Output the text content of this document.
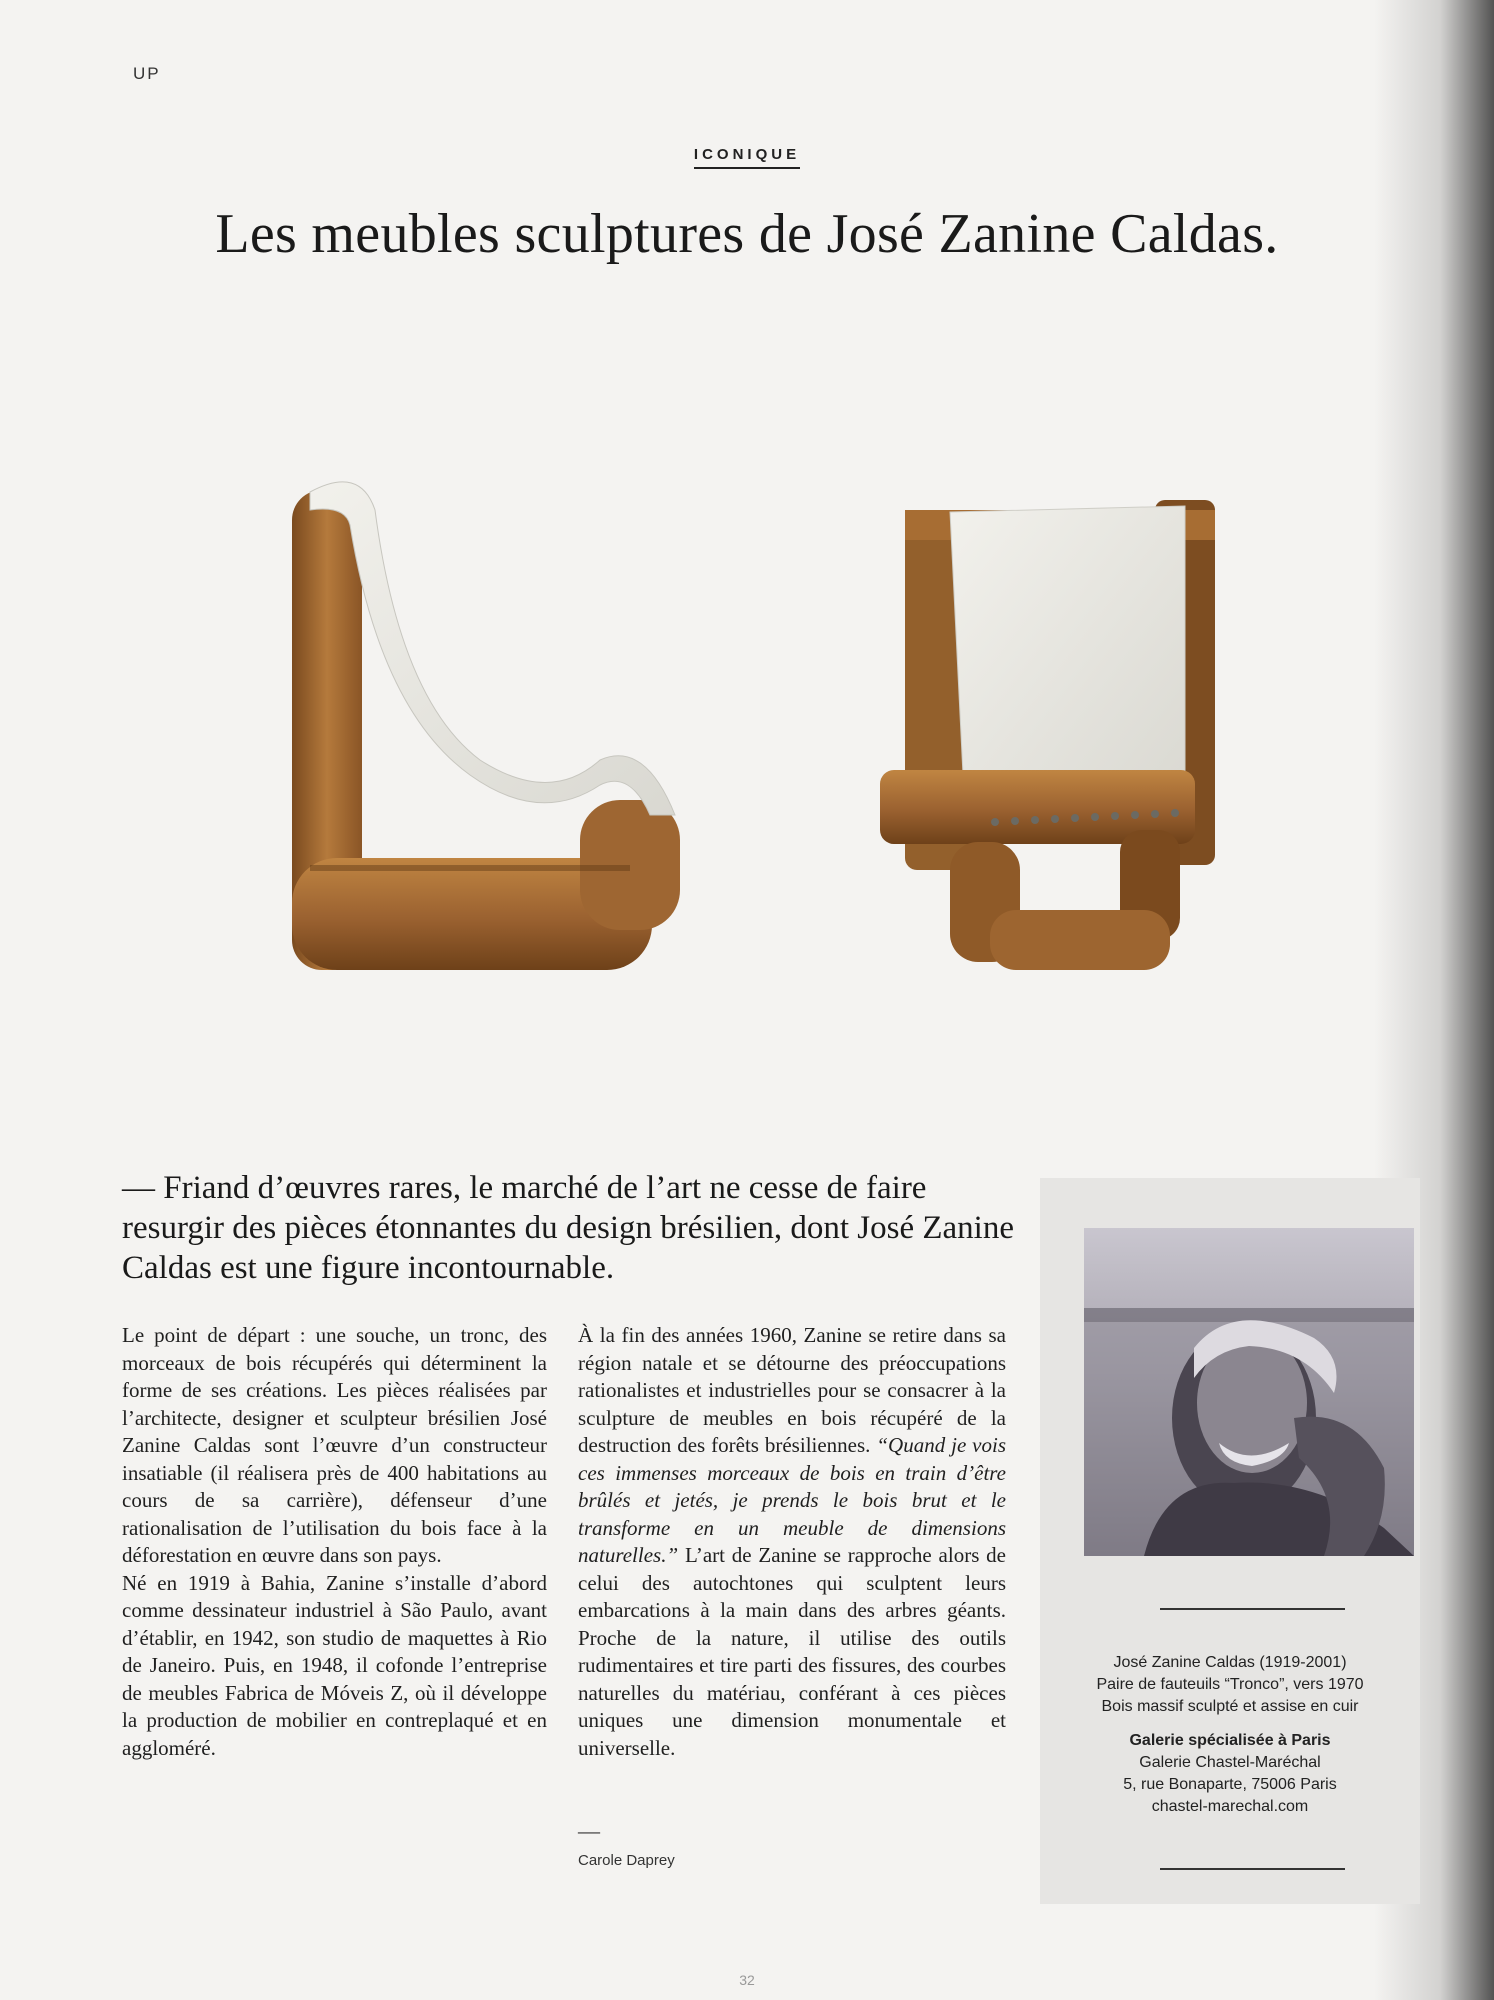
UP
ICONIQUE
Les meubles sculptures de José Zanine Caldas.
— Friand d’œuvres rares, le marché de l’art ne cesse de faire resurgir des pièces étonnantes du design brésilien, dont José Zanine Caldas est une figure incontournable.

Le point de départ : une souche, un tronc, des morceaux de bois récupérés qui déterminent la forme de ses créations. Les pièces réalisées par l’architecte, designer et sculpteur brésilien José Zanine Caldas sont l’œuvre d’un constructeur insatiable (il réalisera près de 400 habitations au cours de sa carrière), défenseur d’une rationalisation de l’utilisation du bois face à la déforestation en œuvre dans son pays.

Né en 1919 à Bahia, Zanine s’installe d’abord comme dessinateur industriel à São Paulo, avant d’établir, en 1942, son studio de maquettes à Rio de Janeiro. Puis, en 1948, il cofonde l’entreprise de meubles Fabrica de Móveis Z, où il développe la production de mobilier en contreplaqué et en aggloméré.

À la fin des années 1960, Zanine se retire dans sa région natale et se détourne des préoccupations rationalistes et industrielles pour se consacrer à la sculpture de meubles en bois récupéré de la destruction des forêts brésiliennes. “Quand je vois ces immenses morceaux de bois en train d’être brûlés et jetés, je prends le bois brut et le transforme en un meuble de dimensions naturelles.” L’art de Zanine se rapproche alors de celui des autochtones qui sculptent leurs embarcations à la main dans des arbres géants. Proche de la nature, il utilise des outils rudimentaires et tire parti des fissures, des courbes naturelles du matériau, conférant à ces pièces uniques une dimension monumentale et universelle.

—
Carole Daprey
José Zanine Caldas (1919-2001)
Paire de fauteuils “Tronco”, vers 1970
Bois massif sculpté et assise en cuir
Galerie spécialisée à Paris
Galerie Chastel-Maréchal
5, rue Bonaparte, 75006 Paris
chastel-marechal.com
32
